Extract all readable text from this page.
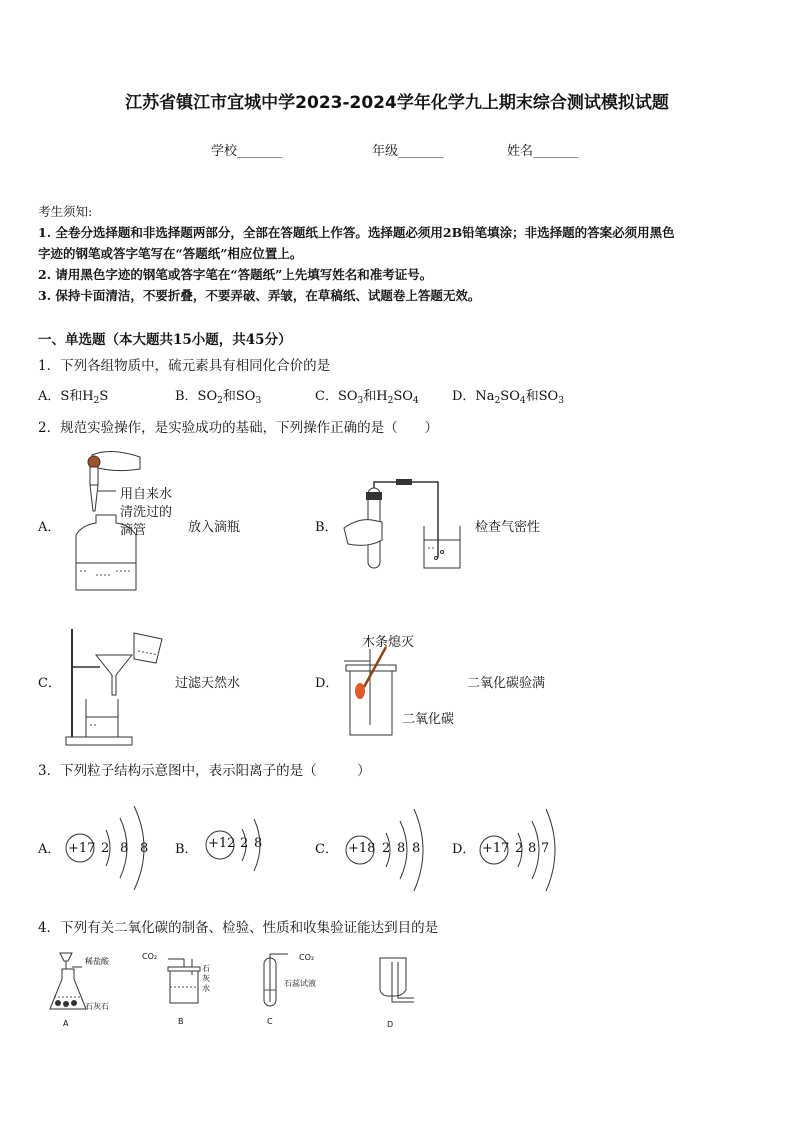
江苏省镇江市宜城中学2023-2024学年化学九上期末综合测试模拟试题
学校_______	年级_______	姓名_______
考生须知:
1. 全卷分选择题和非选择题两部分，全部在答题纸上作答。选择题必须用2B铅笔填涂；非选择题的答案必须用黑色
字迹的钢笔或答字笔写在“答题纸”相应位置上。
2. 请用黑色字迹的钢笔或答字笔在“答题纸”上先填写姓名和准考证号。
3. 保持卡面清洁，不要折叠，不要弄破、弄皱，在草稿纸、试题卷上答题无效。
一、单选题（本大题共15小题，共45分）
1．下列各组物质中，硫元素具有相同化合价的是
A．S和$H_2S$	B．$SO_2$和$SO_3$	C．$SO_3$和$H_2SO_4$	D．$Na_2SO_4$和$SO_3$
2．规范实验操作，是实验成功的基础，下列操作正确的是（　　）
A．
用自来水
清洗过的
滴管	放入滴瓶	B．	检查气密性
C．	过滤天然水	D．
木条熄灭
二氧化碳
二氧化碳验满
3．下列粒子结构示意图中，表示阳离子的是（　　　）
A． +17 2 8 8 B． +12 2 8	C． +18 2 8 8 D． +17 2 8 7
4．下列有关二氧化碳的制备、检验、性质和收集验证能达到目的是
稀盐酸
石灰石
A
CO₂
石
灰
水
B
CO₂
石蕊试液
C	D
